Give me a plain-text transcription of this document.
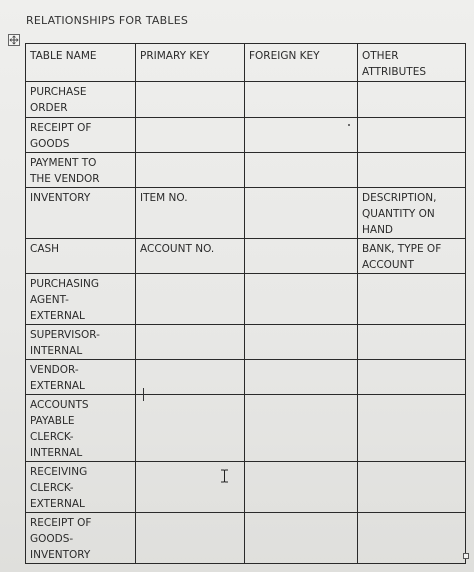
RELATIONSHIPS FOR TABLES
TABLE NAME	PRIMARY KEY	FOREIGN KEY	OTHER
ATTRIBUTES

PURCHASE
ORDER			

RECEIPT OF
GOODS			

PAYMENT TO
THE VENDOR			

INVENTORY	ITEM NO.		DESCRIPTION,
QUANTITY ON
HAND

CASH	ACCOUNT NO.		BANK, TYPE OF
ACCOUNT

PURCHASING
AGENT-
EXTERNAL			

SUPERVISOR-
INTERNAL			

VENDOR-
EXTERNAL			

ACCOUNTS
PAYABLE
CLERCK-
INTERNAL			

RECEIVING
CLERCK-
EXTERNAL			

RECEIPT OF
GOODS-
INVENTORY			
